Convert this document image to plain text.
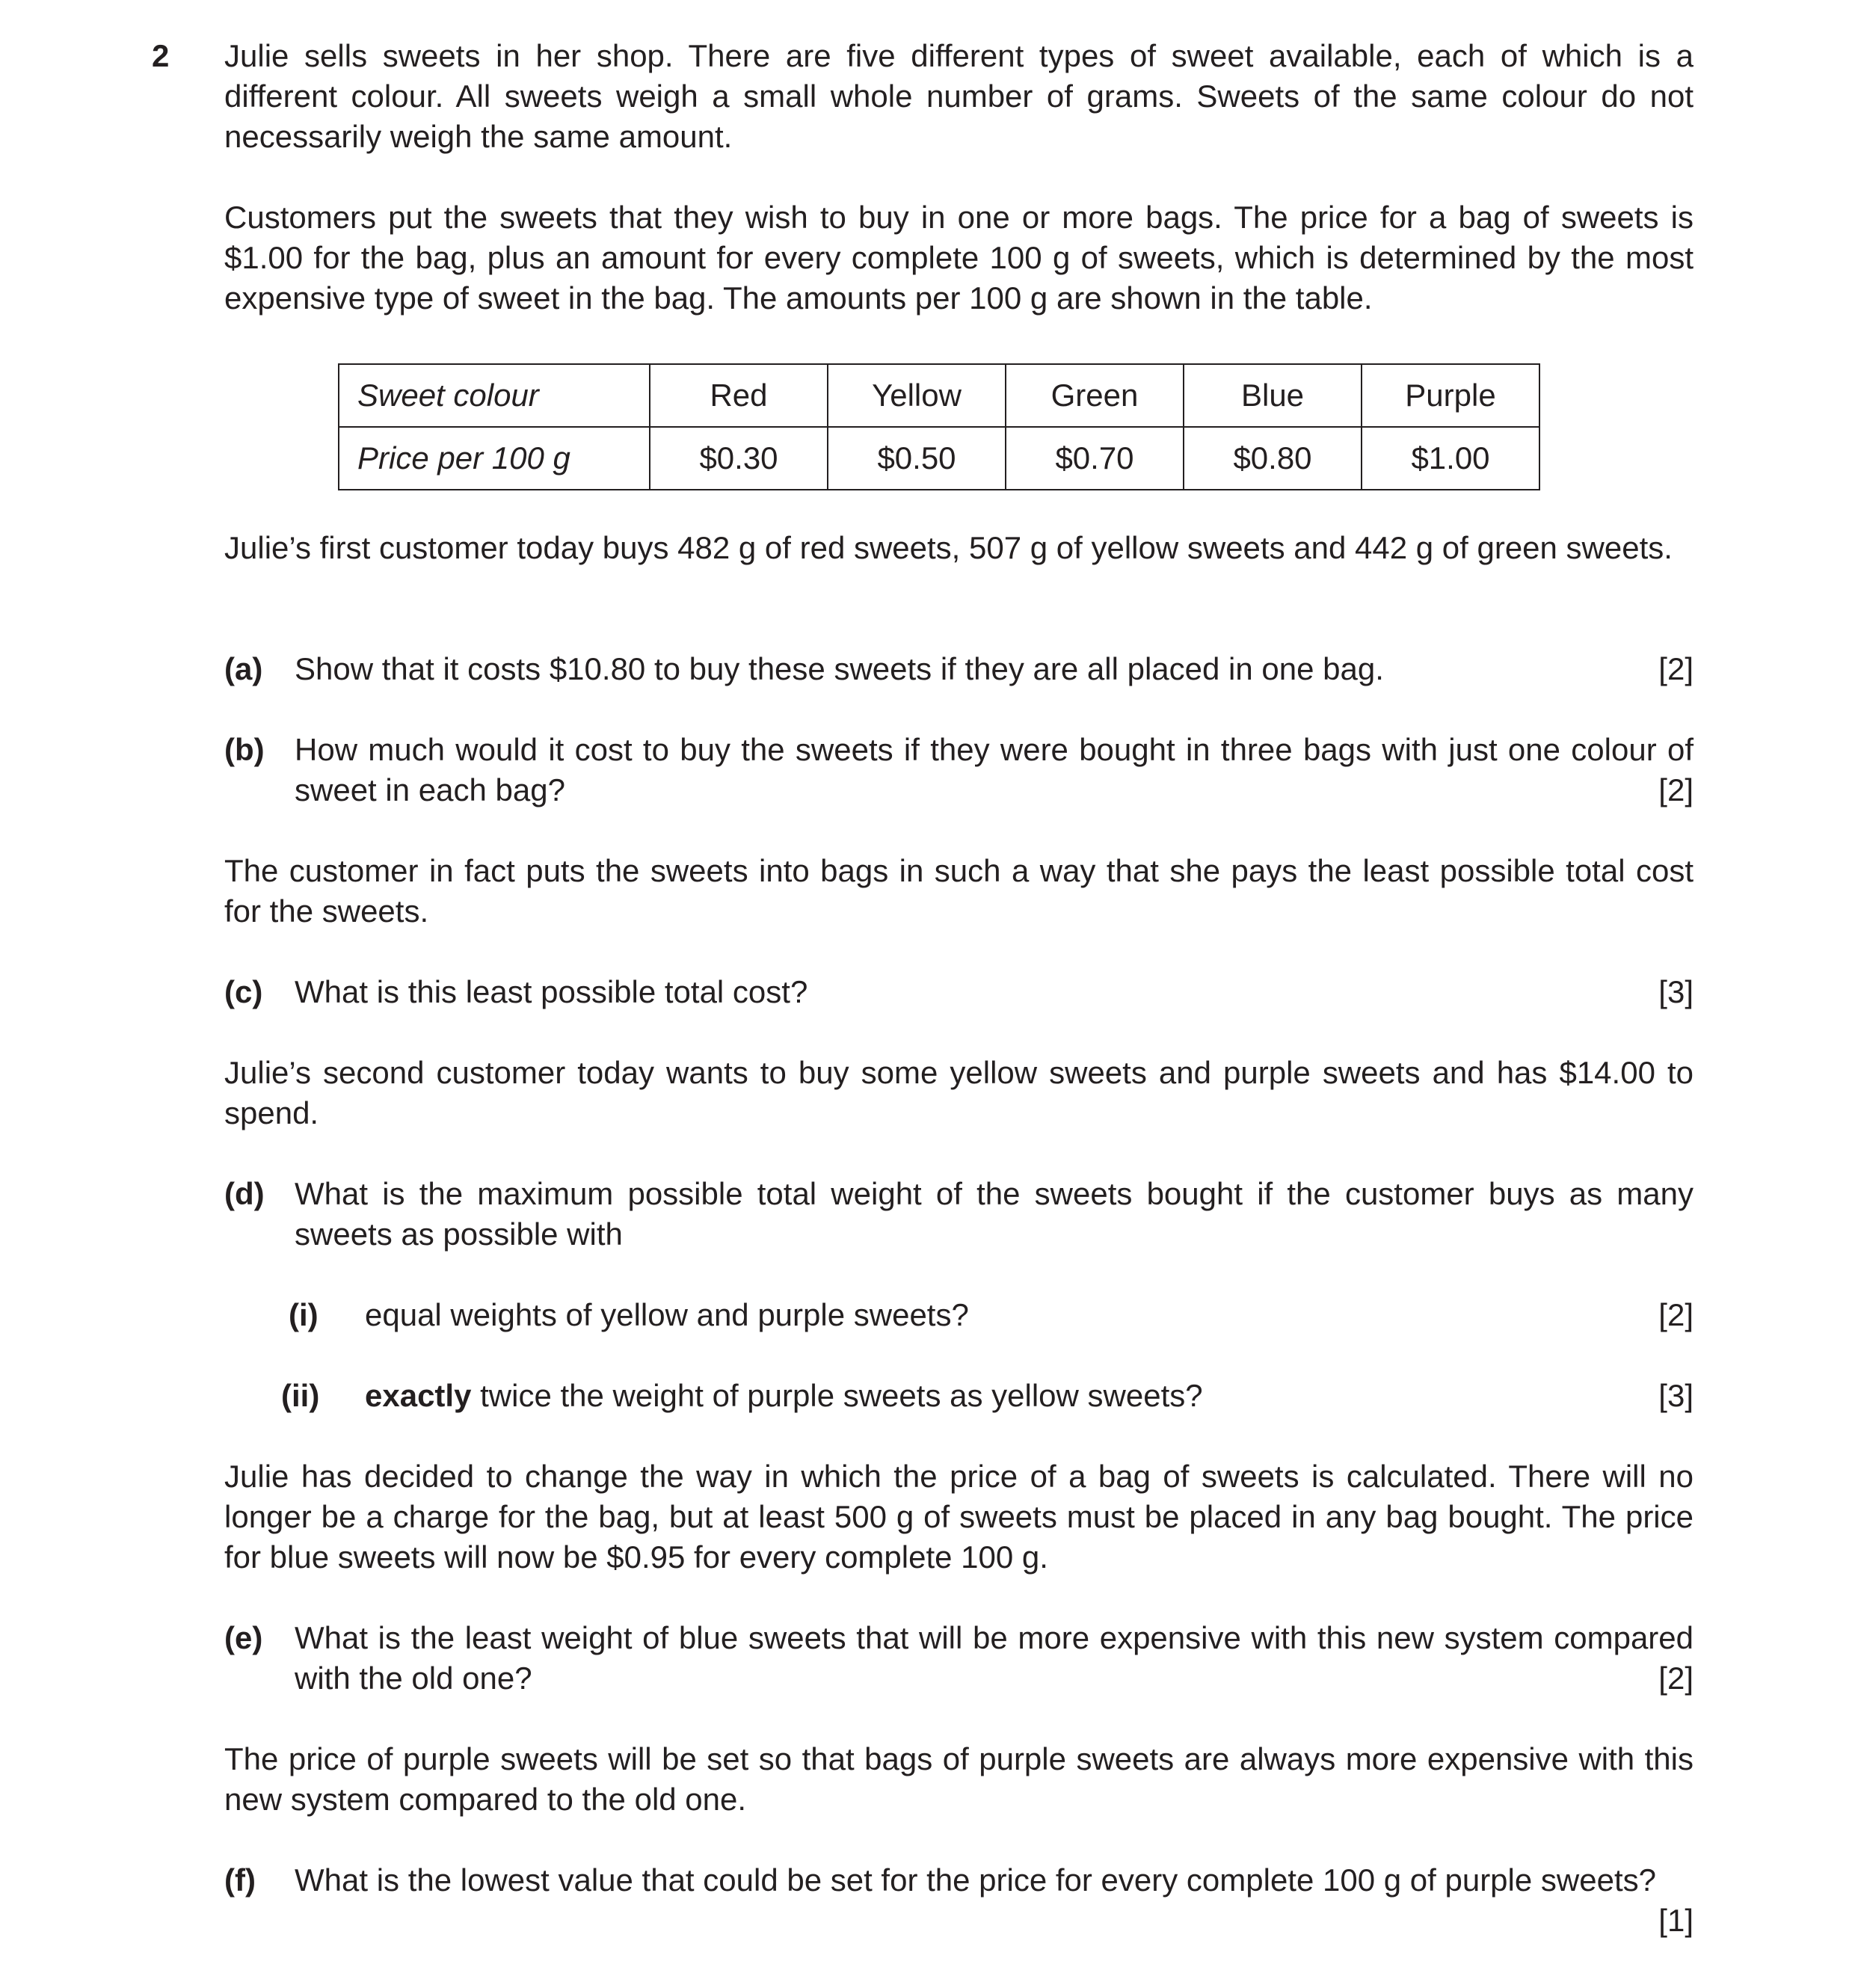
2 Julie sells sweets in her shop. There are five different types of sweet available, each of which is a different colour. All sweets weigh a small whole number of grams. Sweets of the same colour do not necessarily weigh the same amount.
Customers put the sweets that they wish to buy in one or more bags. The price for a bag of sweets is $1.00 for the bag, plus an amount for every complete 100 g of sweets, which is determined by the most expensive type of sweet in the bag. The amounts per 100 g are shown in the table.
Sweet colour	Red	Yellow	Green	Blue	Purple
Price per 100 g	$0.30	$0.50	$0.70	$0.80	$1.00
Julie’s first customer today buys 482 g of red sweets, 507 g of yellow sweets and 442 g of green sweets.
(a) Show that it costs $10.80 to buy these sweets if they are all placed in one bag.	[2]
(b) How much would it cost to buy the sweets if they were bought in three bags with just one colour of sweet in each bag?	[2]
The customer in fact puts the sweets into bags in such a way that she pays the least possible total cost for the sweets.
(c) What is this least possible total cost?	[3]
Julie’s second customer today wants to buy some yellow sweets and purple sweets and has $14.00 to spend.
(d) What is the maximum possible total weight of the sweets bought if the customer buys as many sweets as possible with
(i) equal weights of yellow and purple sweets?	[2]
(ii) exactly twice the weight of purple sweets as yellow sweets?	[3]
Julie has decided to change the way in which the price of a bag of sweets is calculated. There will no longer be a charge for the bag, but at least 500 g of sweets must be placed in any bag bought. The price for blue sweets will now be $0.95 for every complete 100 g.
(e) What is the least weight of blue sweets that will be more expensive with this new system compared with the old one?	[2]
The price of purple sweets will be set so that bags of purple sweets are always more expensive with this new system compared to the old one.
(f) What is the lowest value that could be set for the price for every complete 100 g of purple sweets?
[1]
